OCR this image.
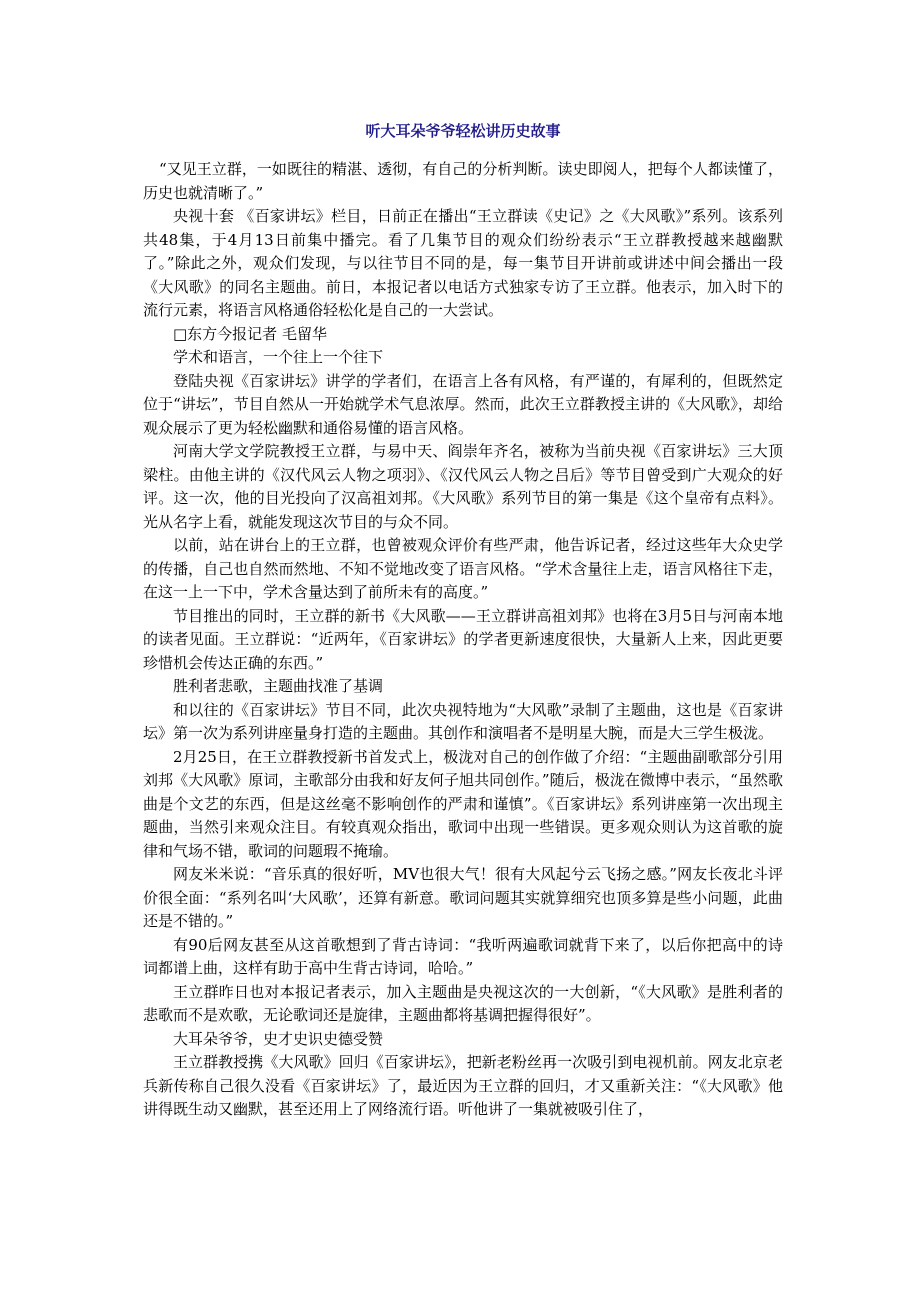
听大耳朵爷爷轻松讲历史故事

“又见王立群，一如既往的精湛、透彻，有自己的分析判断。读史即阅人，把每个人都读懂了，历史也就清晰了。”

央视十套 《百家讲坛》栏目，日前正在播出“王立群读《史记》之《大风歌》”系列。该系列共48集，于4月13日前集中播完。看了几集节目的观众们纷纷表示“王立群教授越来越幽默了。”除此之外，观众们发现，与以往节目不同的是，每一集节目开讲前或讲述中间会播出一段《大风歌》的同名主题曲。前日，本报记者以电话方式独家专访了王立群。他表示，加入时下的流行元素，将语言风格通俗轻松化是自己的一大尝试。

□东方今报记者 毛留华

学术和语言，一个往上一个往下

登陆央视《百家讲坛》讲学的学者们，在语言上各有风格，有严谨的，有犀利的，但既然定位于“讲坛”，节目自然从一开始就学术气息浓厚。然而，此次王立群教授主讲的《大风歌》，却给观众展示了更为轻松幽默和通俗易懂的语言风格。

河南大学文学院教授王立群，与易中天、阎崇年齐名，被称为当前央视《百家讲坛》三大顶梁柱。由他主讲的《汉代风云人物之项羽》、《汉代风云人物之吕后》等节目曾受到广大观众的好评。这一次，他的目光投向了汉高祖刘邦。《大风歌》系列节目的第一集是《这个皇帝有点料》。光从名字上看，就能发现这次节目的与众不同。

以前，站在讲台上的王立群，也曾被观众评价有些严肃，他告诉记者，经过这些年大众史学的传播，自己也自然而然地、不知不觉地改变了语言风格。“学术含量往上走，语言风格往下走，在这一上一下中，学术含量达到了前所未有的高度。”

节目推出的同时，王立群的新书《大风歌——王立群讲高祖刘邦》也将在3月5日与河南本地的读者见面。王立群说：“近两年，《百家讲坛》的学者更新速度很快，大量新人上来，因此更要珍惜机会传达正确的东西。”

胜利者悲歌，主题曲找准了基调

和以往的《百家讲坛》节目不同，此次央视特地为“大风歌”录制了主题曲，这也是《百家讲坛》第一次为系列讲座量身打造的主题曲。其创作和演唱者不是明星大腕，而是大三学生极泷。

2月25日，在王立群教授新书首发式上，极泷对自己的创作做了介绍：“主题曲副歌部分引用刘邦《大风歌》原词，主歌部分由我和好友何子旭共同创作。”随后，极泷在微博中表示，“虽然歌曲是个文艺的东西，但是这丝毫不影响创作的严肃和谨慎”。《百家讲坛》系列讲座第一次出现主题曲，当然引来观众注目。有较真观众指出，歌词中出现一些错误。更多观众则认为这首歌的旋律和气场不错，歌词的问题瑕不掩瑜。

网友米米说：“音乐真的很好听，MV也很大气！很有大风起兮云飞扬之感。”网友长夜北斗评价很全面：“系列名叫‘大风歌’，还算有新意。歌词问题其实就算细究也顶多算是些小问题，此曲还是不错的。”

有90后网友甚至从这首歌想到了背古诗词：“我听两遍歌词就背下来了，以后你把高中的诗词都谱上曲，这样有助于高中生背古诗词，哈哈。”

王立群昨日也对本报记者表示，加入主题曲是央视这次的一大创新，“《大风歌》是胜利者的悲歌而不是欢歌，无论歌词还是旋律，主题曲都将基调把握得很好”。

大耳朵爷爷，史才史识史德受赞

王立群教授携《大风歌》回归《百家讲坛》，把新老粉丝再一次吸引到电视机前。网友北京老兵新传称自己很久没看《百家讲坛》了，最近因为王立群的回归，才又重新关注：“《大风歌》他讲得既生动又幽默，甚至还用上了网络流行语。听他讲了一集就被吸引住了，
